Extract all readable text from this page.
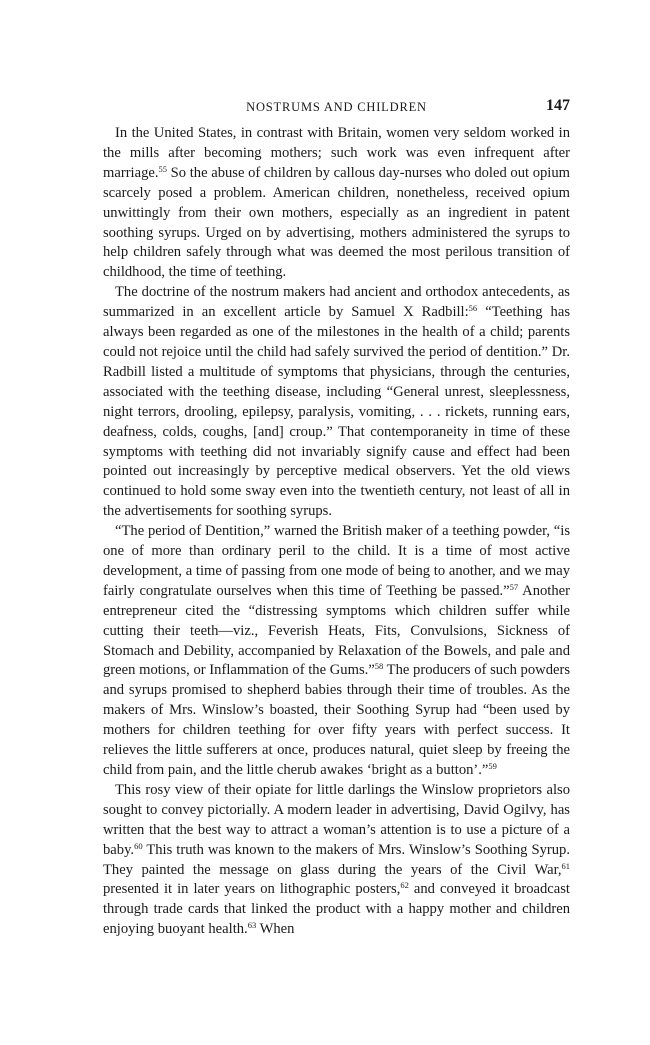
NOSTRUMS AND CHILDREN	147

In the United States, in contrast with Britain, women very seldom worked in the mills after becoming mothers; such work was even infrequent after marriage.$^{55}$ So the abuse of children by callous day-nurses who doled out opium scarcely posed a problem. American children, nonetheless, received opium unwittingly from their own mothers, especially as an ingredient in patent soothing syrups. Urged on by advertising, mothers administered the syrups to help children safely through what was deemed the most perilous transition of childhood, the time of teething.

The doctrine of the nostrum makers had ancient and orthodox antecedents, as summarized in an excellent article by Samuel X Radbill:$^{56}$ “Teething has always been regarded as one of the milestones in the health of a child; parents could not rejoice until the child had safely survived the period of dentition.” Dr. Radbill listed a multitude of symptoms that physicians, through the centuries, associated with the teething disease, including “General unrest, sleeplessness, night terrors, drooling, epilepsy, paralysis, vomiting, . . . rickets, running ears, deafness, colds, coughs, [and] croup.” That contemporaneity in time of these symptoms with teething did not invariably signify cause and effect had been pointed out increasingly by perceptive medical observers. Yet the old views continued to hold some sway even into the twentieth century, not least of all in the advertisements for soothing syrups.

“The period of Dentition,” warned the British maker of a teething powder, “is one of more than ordinary peril to the child. It is a time of most active development, a time of passing from one mode of being to another, and we may fairly congratulate ourselves when this time of Teething be passed.”$^{57}$ Another entrepreneur cited the “distressing symptoms which children suffer while cutting their teeth—viz., Feverish Heats, Fits, Convulsions, Sickness of Stomach and Debility, accompanied by Relaxation of the Bowels, and pale and green motions, or Inflammation of the Gums.”$^{58}$ The producers of such powders and syrups promised to shepherd babies through their time of troubles. As the makers of Mrs. Winslow’s boasted, their Soothing Syrup had “been used by mothers for children teething for over fifty years with perfect success. It relieves the little sufferers at once, produces natural, quiet sleep by freeing the child from pain, and the little cherub awakes ‘bright as a button’.”$^{59}$

This rosy view of their opiate for little darlings the Winslow proprietors also sought to convey pictorially. A modern leader in advertising, David Ogilvy, has written that the best way to attract a woman’s attention is to use a picture of a baby.$^{60}$ This truth was known to the makers of Mrs. Winslow’s Soothing Syrup. They painted the message on glass during the years of the Civil War,$^{61}$ presented it in later years on lithographic posters,$^{62}$ and conveyed it broadcast through trade cards that linked the product with a happy mother and children enjoying buoyant health.$^{63}$ When
